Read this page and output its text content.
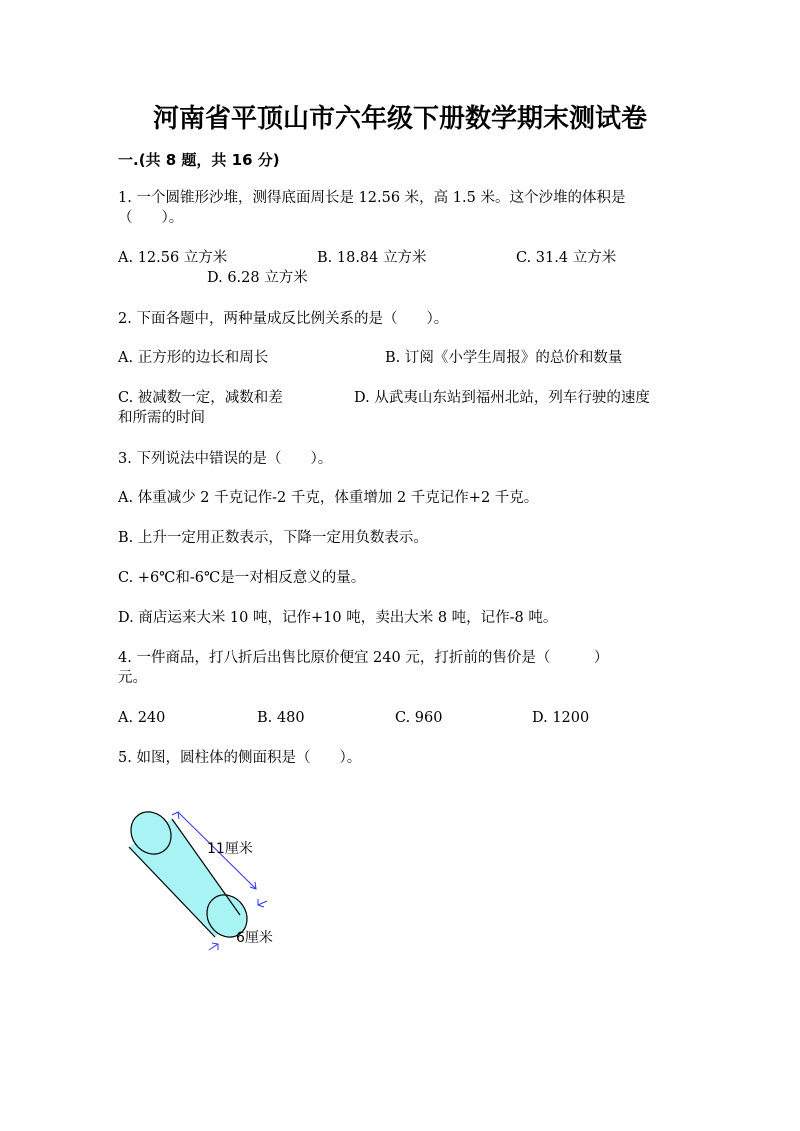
河南省平顶山市六年级下册数学期末测试卷
一.(共 8 题，共 16 分)
1. 一个圆锥形沙堆，测得底面周长是 12.56 米，高 1.5 米。这个沙堆的体积是
（　　）。
A. 12.56 立方米	B. 18.84 立方米	C. 31.4 立方米
D. 6.28 立方米
2. 下面各题中，两种量成反比例关系的是（　　）。
A. 正方形的边长和周长	B. 订阅《小学生周报》的总价和数量
C. 被减数一定，减数和差	D. 从武夷山东站到福州北站，列车行驶的速度
和所需的时间
3. 下列说法中错误的是（　　）。
A. 体重减少 2 千克记作-2 千克，体重增加 2 千克记作+2 千克。
B. 上升一定用正数表示，下降一定用负数表示。
C. +6℃和-6℃是一对相反意义的量。
D. 商店运来大米 10 吨，记作+10 吨，卖出大米 8 吨，记作-8 吨。
4. 一件商品，打八折后出售比原价便宜 240 元，打折前的售价是（　　　）
元。
A. 240	B. 480	C. 960	D. 1200
5. 如图，圆柱体的侧面积是（　　）。
11厘米
6厘米
